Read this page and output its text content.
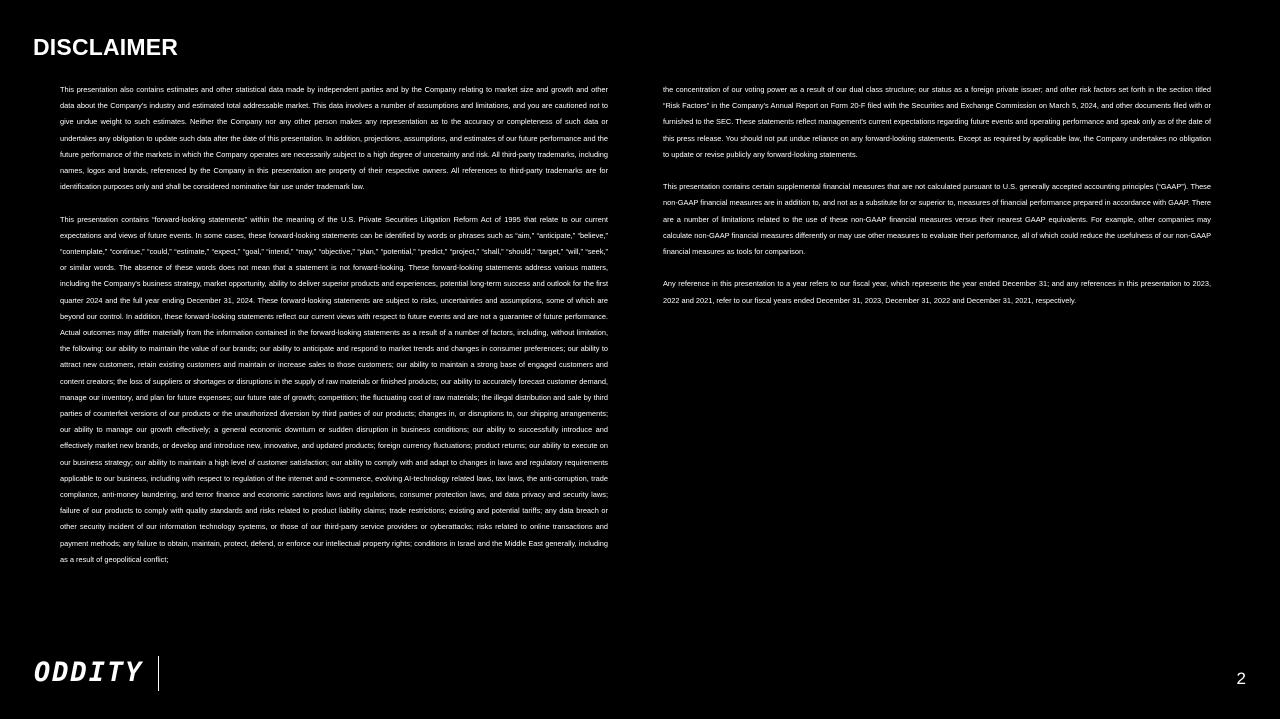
DISCLAIMER

This presentation also contains estimates and other statistical data made by independent parties and by the Company relating to market size and growth and other data about the Company's industry and estimated total addressable market. This data involves a number of assumptions and limitations, and you are cautioned not to give undue weight to such estimates. Neither the Company nor any other person makes any representation as to the accuracy or completeness of such data or undertakes any obligation to update such data after the date of this presentation. In addition, projections, assumptions, and estimates of our future performance and the future performance of the markets in which the Company operates are necessarily subject to a high degree of uncertainty and risk. All third-party trademarks, including names, logos and brands, referenced by the Company in this presentation are property of their respective owners. All references to third-party trademarks are for identification purposes only and shall be considered nominative fair use under trademark law.

This presentation contains “forward-looking statements” within the meaning of the U.S. Private Securities Litigation Reform Act of 1995 that relate to our current expectations and views of future events. In some cases, these forward-looking statements can be identified by words or phrases such as “aim,” “anticipate,” “believe,” “contemplate,” “continue,” “could,” “estimate,” “expect,” “goal,” “intend,” “may,” “objective,” “plan,” “potential,” “predict,” “project,” “shall,” “should,” “target,” “will,” “seek,” or similar words. The absence of these words does not mean that a statement is not forward-looking. These forward-looking statements address various matters, including the Company's business strategy, market opportunity, ability to deliver superior products and experiences, potential long-term success and outlook for the first quarter 2024 and the full year ending December 31, 2024. These forward-looking statements are subject to risks, uncertainties and assumptions, some of which are beyond our control. In addition, these forward-looking statements reflect our current views with respect to future events and are not a guarantee of future performance. Actual outcomes may differ materially from the information contained in the forward-looking statements as a result of a number of factors, including, without limitation, the following: our ability to maintain the value of our brands; our ability to anticipate and respond to market trends and changes in consumer preferences; our ability to attract new customers, retain existing customers and maintain or increase sales to those customers; our ability to maintain a strong base of engaged customers and content creators; the loss of suppliers or shortages or disruptions in the supply of raw materials or finished products; our ability to accurately forecast customer demand, manage our inventory, and plan for future expenses; our future rate of growth; competition; the fluctuating cost of raw materials; the illegal distribution and sale by third parties of counterfeit versions of our products or the unauthorized diversion by third parties of our products; changes in, or disruptions to, our shipping arrangements; our ability to manage our growth effectively; a general economic downturn or sudden disruption in business conditions; our ability to successfully introduce and effectively market new brands, or develop and introduce new, innovative, and updated products; foreign currency fluctuations; product returns; our ability to execute on our business strategy; our ability to maintain a high level of customer satisfaction; our ability to comply with and adapt to changes in laws and regulatory requirements applicable to our business, including with respect to regulation of the internet and e-commerce, evolving AI-technology related laws, tax laws, the anti-corruption, trade compliance, anti-money laundering, and terror finance and economic sanctions laws and regulations, consumer protection laws, and data privacy and security laws; failure of our products to comply with quality standards and risks related to product liability claims; trade restrictions; existing and potential tariffs; any data breach or other security incident of our information technology systems, or those of our third-party service providers or cyberattacks; risks related to online transactions and payment methods; any failure to obtain, maintain, protect, defend, or enforce our intellectual property rights; conditions in Israel and the Middle East generally, including as a result of geopolitical conflict;

the concentration of our voting power as a result of our dual class structure; our status as a foreign private issuer; and other risk factors set forth in the section titled “Risk Factors” in the Company's Annual Report on Form 20-F filed with the Securities and Exchange Commission on March 5, 2024, and other documents filed with or furnished to the SEC. These statements reflect management's current expectations regarding future events and operating performance and speak only as of the date of this press release. You should not put undue reliance on any forward-looking statements. Except as required by applicable law, the Company undertakes no obligation to update or revise publicly any forward-looking statements.

This presentation contains certain supplemental financial measures that are not calculated pursuant to U.S. generally accepted accounting principles (“GAAP”). These non-GAAP financial measures are in addition to, and not as a substitute for or superior to, measures of financial performance prepared in accordance with GAAP. There are a number of limitations related to the use of these non-GAAP financial measures versus their nearest GAAP equivalents. For example, other companies may calculate non-GAAP financial measures differently or may use other measures to evaluate their performance, all of which could reduce the usefulness of our non-GAAP financial measures as tools for comparison.

Any reference in this presentation to a year refers to our fiscal year, which represents the year ended December 31; and any references in this presentation to 2023, 2022 and 2021, refer to our fiscal years ended December 31, 2023, December 31, 2022 and December 31, 2021, respectively.

ODDITY	2
